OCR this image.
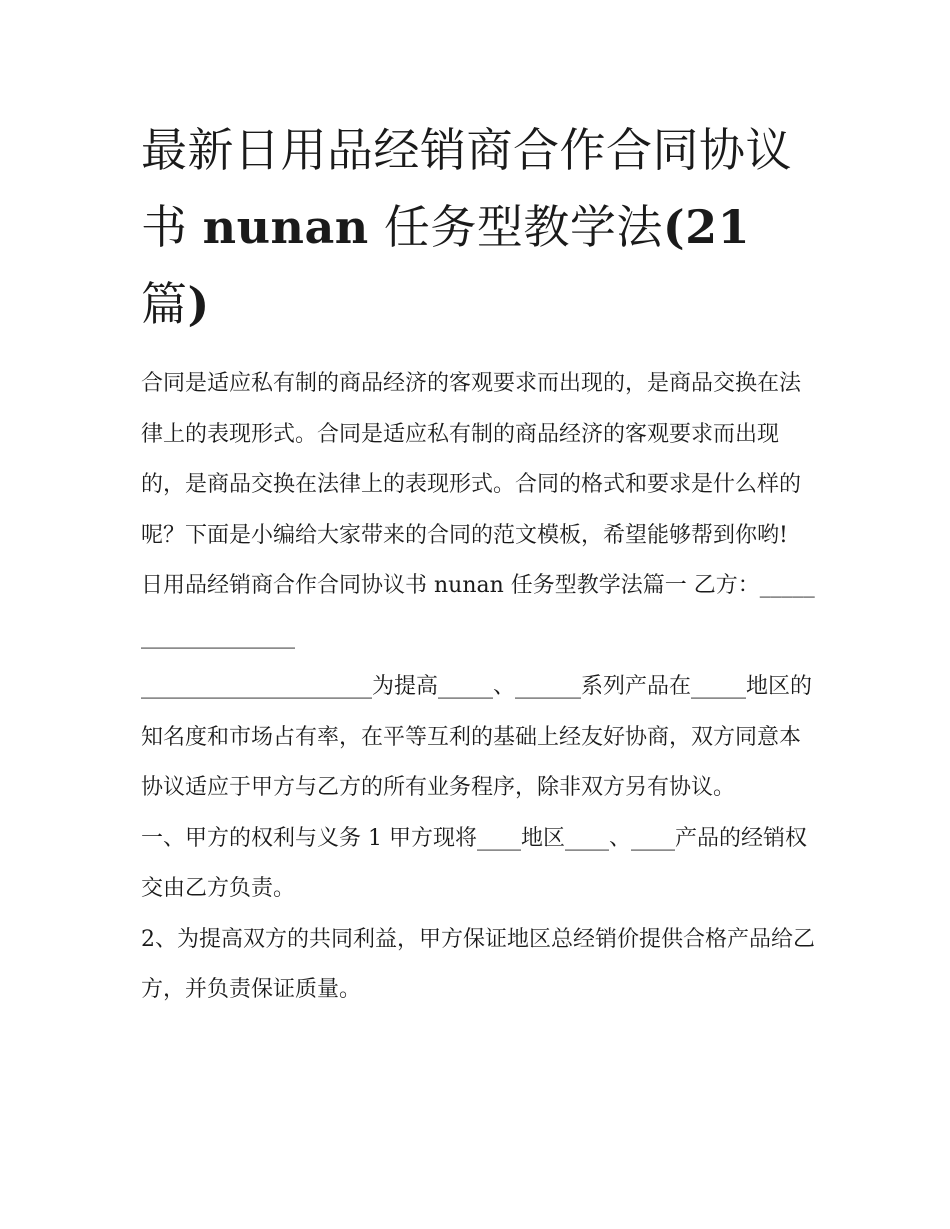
最新日用品经销商合作合同协议书 nunan 任务型教学法(21
篇)

合同是适应私有制的商品经济的客观要求而出现的，是商品交换在法律上的表现形式。合同是适应私有制的商品经济的客观要求而出现的，是商品交换在法律上的表现形式。合同的格式和要求是什么样的呢？下面是小编给大家带来的合同的范文模板，希望能够帮到你哟!

日用品经销商合作合同协议书 nunan 任务型教学法篇一 乙方：___________________

_____________________为提高_____、______系列产品在_____地区的知名度和市场占有率，在平等互利的基础上经友好协商，双方同意本协议适应于甲方与乙方的所有业务程序，除非双方另有协议。

一、甲方的权利与义务 1 甲方现将____地区____、____产品的经销权交由乙方负责。

2、为提高双方的共同利益，甲方保证地区总经销价提供合格产品给乙方，并负责保证质量。
